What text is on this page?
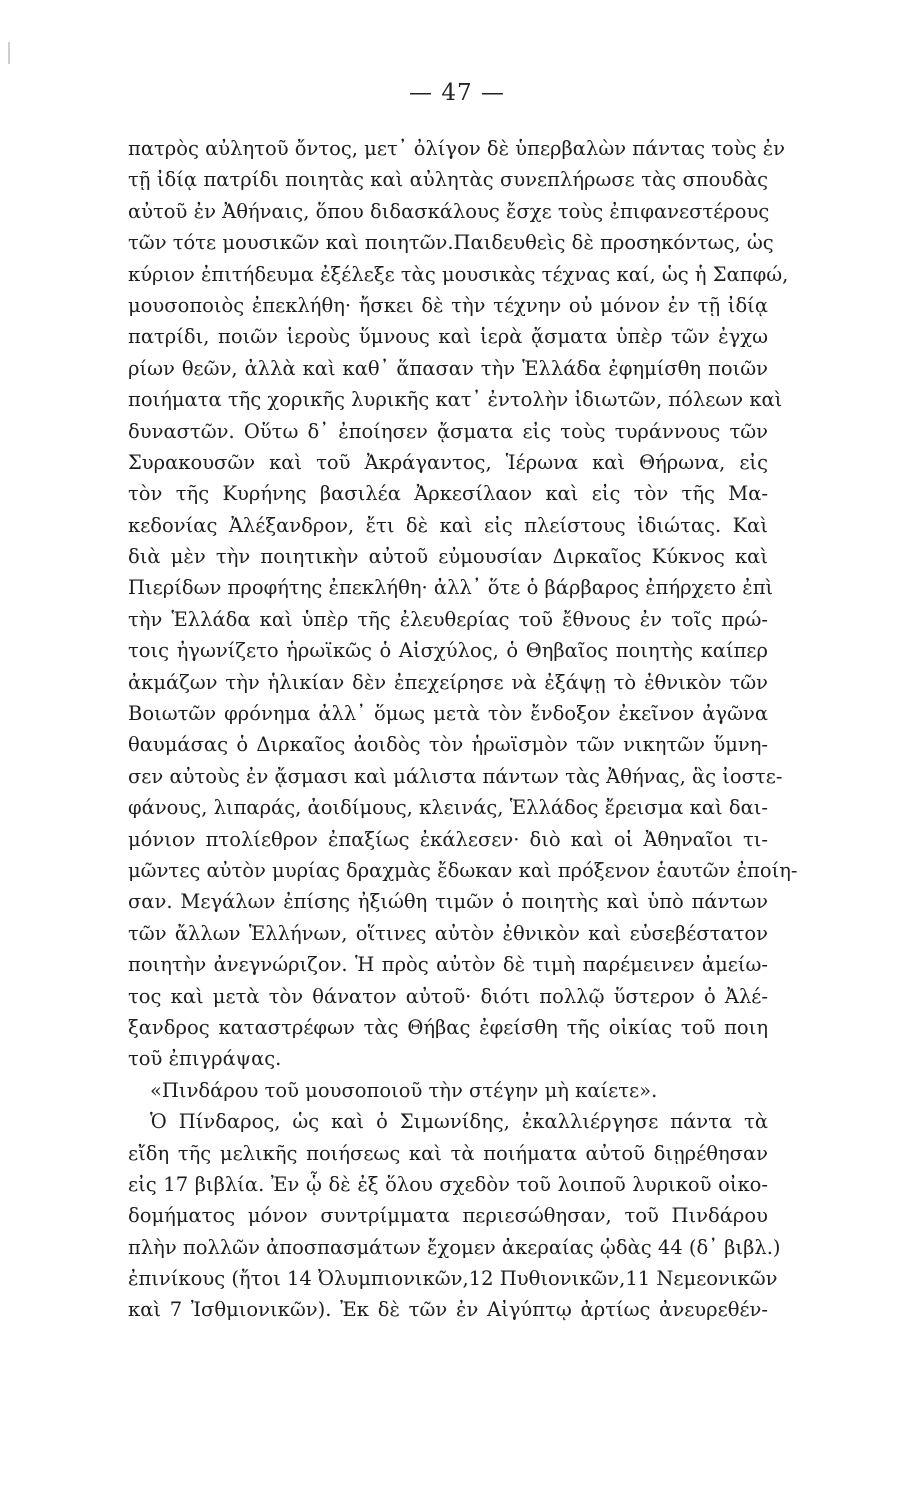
— 47 —
πατρὸς αὐλητοῦ ὄντος, μετ᾽ ὀλίγον δὲ ὑπερβαλὼν πάντας τοὺς ἐν
τῇ ἰδίᾳ πατρίδι ποιητὰς καὶ αὐλητὰς συνεπλήρωσε τὰς σπουδὰς
αὐτοῦ ἐν Ἀθήναις, ὅπου διδασκάλους ἔσχε τοὺς ἐπιφανεστέρους
τῶν τότε μουσικῶν καὶ ποιητῶν.Παιδευθεὶς δὲ προσηκόντως, ὡς
κύριον ἐπιτήδευμα ἐξέλεξε τὰς μουσικὰς τέχνας καί, ὡς ἡ Σαπφώ,
μουσοποιὸς ἐπεκλήθη· ἤσκει δὲ τὴν τέχνην οὐ μόνον ἐν τῇ ἰδίᾳ
πατρίδι, ποιῶν ἱεροὺς ὕμνους καὶ ἱερὰ ᾄσματα ὑπὲρ τῶν ἐγχω
ρίων θεῶν, ἀλλὰ καὶ καθ᾽ ἅπασαν τὴν Ἑλλάδα ἐφημίσθη ποιῶν
ποιήματα τῆς χορικῆς λυρικῆς κατ᾽ ἐντολὴν ἰδιωτῶν, πόλεων καὶ
δυναστῶν. Οὕτω δ᾽ ἐποίησεν ᾄσματα εἰς τοὺς τυράννους τῶν
Συρακουσῶν καὶ τοῦ Ἀκράγαντος, Ἱέρωνα καὶ Θήρωνα, εἰς
τὸν τῆς Κυρήνης βασιλέα Ἀρκεσίλαον καὶ εἰς τὸν τῆς Μα-
κεδονίας Ἀλέξανδρον, ἔτι δὲ καὶ εἰς πλείστους ἰδιώτας. Καὶ
διὰ μὲν τὴν ποιητικὴν αὐτοῦ εὐμουσίαν Διρκαῖος Κύκνος καὶ
Πιερίδων προφήτης ἐπεκλήθη· ἀλλ᾽ ὅτε ὁ βάρβαρος ἐπήρχετο ἐπὶ
τὴν Ἑλλάδα καὶ ὑπὲρ τῆς ἐλευθερίας τοῦ ἔθνους ἐν τοῖς πρώ-
τοις ἠγωνίζετο ἡρωϊκῶς ὁ Αἰσχύλος, ὁ Θηβαῖος ποιητὴς καίπερ
ἀκμάζων τὴν ἡλικίαν δὲν ἐπεχείρησε νὰ ἐξάψῃ τὸ ἐθνικὸν τῶν
Βοιωτῶν φρόνημα ἀλλ᾽ ὅμως μετὰ τὸν ἔνδοξον ἐκεῖνον ἀγῶνα
θαυμάσας ὁ Διρκαῖος ἀοιδὸς τὸν ἡρωϊσμὸν τῶν νικητῶν ὕμνη-
σεν αὐτοὺς ἐν ᾄσμασι καὶ μάλιστα πάντων τὰς Ἀθήνας, ἃς ἰοστε-
φάνους, λιπαράς, ἀοιδίμους, κλεινάς, Ἑλλάδος ἔρεισμα καὶ δαι-
μόνιον πτολίεθρον ἐπαξίως ἐκάλεσεν· διὸ καὶ οἱ Ἀθηναῖοι τι-
μῶντες αὐτὸν μυρίας δραχμὰς ἔδωκαν καὶ πρόξενον ἑαυτῶν ἐποίη-
σαν. Μεγάλων ἐπίσης ἠξιώθη τιμῶν ὁ ποιητὴς καὶ ὑπὸ πάντων
τῶν ἄλλων Ἑλλήνων, οἵτινες αὐτὸν ἐθνικὸν καὶ εὐσεβέστατον
ποιητὴν ἀνεγνώριζον. Ἡ πρὸς αὐτὸν δὲ τιμὴ παρέμεινεν ἀμείω-
τος καὶ μετὰ τὸν θάνατον αὐτοῦ· διότι πολλῷ ὕστερον ὁ Ἀλέ-
ξανδρος καταστρέφων τὰς Θήβας ἐφείσθη τῆς οἰκίας τοῦ ποιη
τοῦ ἐπιγράψας.
«Πινδάρου τοῦ μουσοποιοῦ τὴν στέγην μὴ καίετε».
Ὁ Πίνδαρος, ὡς καὶ ὁ Σιμωνίδης, ἐκαλλιέργησε πάντα τὰ
εἴδη τῆς μελικῆς ποιήσεως καὶ τὰ ποιήματα αὐτοῦ διῃρέθησαν
εἰς 17 βιβλία. Ἐν ᾧ δὲ ἐξ ὅλου σχεδὸν τοῦ λοιποῦ λυρικοῦ οἰκο-
δομήματος μόνον συντρίμματα περιεσώθησαν, τοῦ Πινδάρου
πλὴν πολλῶν ἀποσπασμάτων ἔχομεν ἀκεραίας ᾠδὰς 44 (δ᾽ βιβλ.)
ἐπινίκους (ἤτοι 14 Ὀλυμπιονικῶν,12 Πυθιονικῶν,11 Νεμεονικῶν
καὶ 7 Ἰσθμιονικῶν). Ἐκ δὲ τῶν ἐν Αἰγύπτῳ ἀρτίως ἀνευρεθέν-
